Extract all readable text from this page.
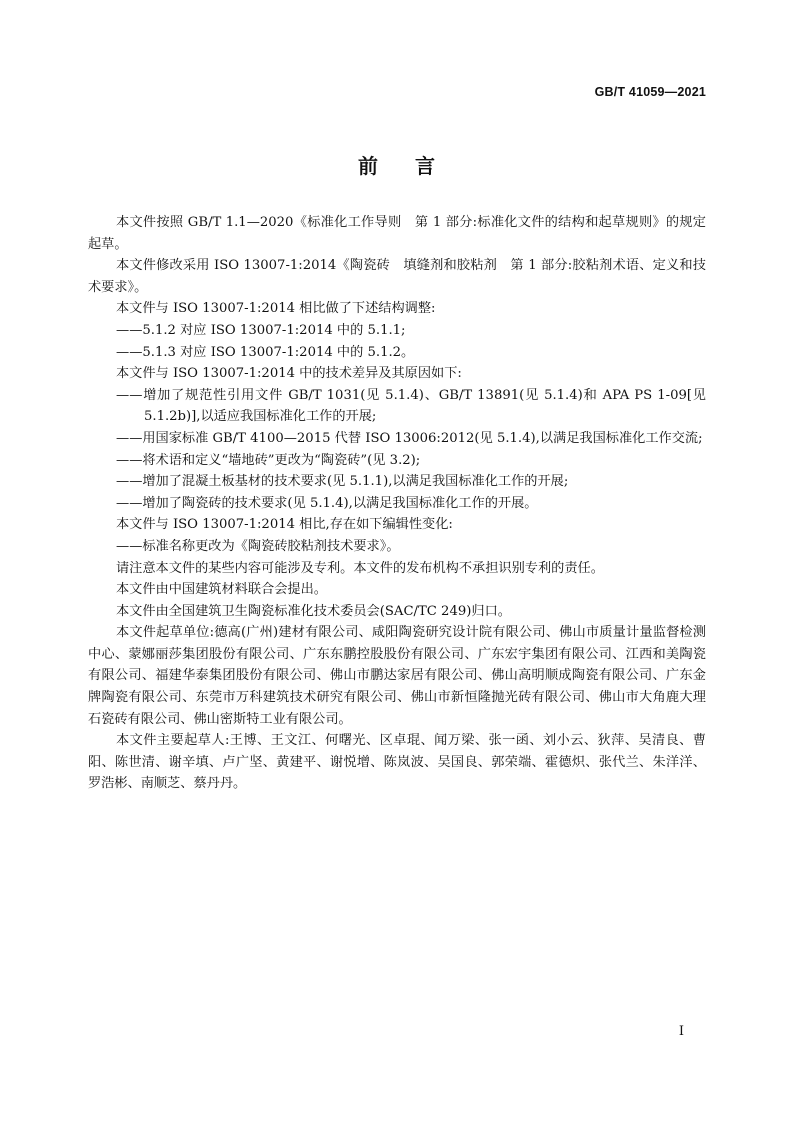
GB/T 41059—2021
前 言

本文件按照 GB/T 1.1—2020《标准化工作导则　第 1 部分:标准化文件的结构和起草规则》的规定起草。

本文件修改采用 ISO 13007-1:2014《陶瓷砖　填缝剂和胶粘剂　第 1 部分:胶粘剂术语、定义和技术要求》。

本文件与 ISO 13007-1:2014 相比做了下述结构调整:

——5.1.2 对应 ISO 13007-1:2014 中的 5.1.1;

——5.1.3 对应 ISO 13007-1:2014 中的 5.1.2。

本文件与 ISO 13007-1:2014 中的技术差异及其原因如下:

——增加了规范性引用文件 GB/T 1031(见 5.1.4)、GB/T 13891(见 5.1.4)和 APA PS 1-09[见 5.1.2b)],以适应我国标准化工作的开展;

——用国家标准 GB/T 4100—2015 代替 ISO 13006:2012(见 5.1.4),以满足我国标准化工作交流;

——将术语和定义“墙地砖”更改为“陶瓷砖”(见 3.2);

——增加了混凝土板基材的技术要求(见 5.1.1),以满足我国标准化工作的开展;

——增加了陶瓷砖的技术要求(见 5.1.4),以满足我国标准化工作的开展。

本文件与 ISO 13007-1:2014 相比,存在如下编辑性变化:

——标准名称更改为《陶瓷砖胶粘剂技术要求》。

请注意本文件的某些内容可能涉及专利。本文件的发布机构不承担识别专利的责任。

本文件由中国建筑材料联合会提出。

本文件由全国建筑卫生陶瓷标准化技术委员会(SAC/TC 249)归口。

本文件起草单位:德高(广州)建材有限公司、咸阳陶瓷研究设计院有限公司、佛山市质量计量监督检测中心、蒙娜丽莎集团股份有限公司、广东东鹏控股股份有限公司、广东宏宇集团有限公司、江西和美陶瓷有限公司、福建华泰集团股份有限公司、佛山市鹏达家居有限公司、佛山高明顺成陶瓷有限公司、广东金牌陶瓷有限公司、东莞市万科建筑技术研究有限公司、佛山市新恒隆抛光砖有限公司、佛山市大角鹿大理石瓷砖有限公司、佛山密斯特工业有限公司。

本文件主要起草人:王博、王文江、何曙光、区卓琨、闻万梁、张一函、刘小云、狄萍、吴清良、曹阳、陈世清、谢辛填、卢广坚、黄建平、谢悦增、陈岚波、吴国良、郭荣端、霍德炽、张代兰、朱洋洋、罗浩彬、南顺芝、蔡丹丹。

I
